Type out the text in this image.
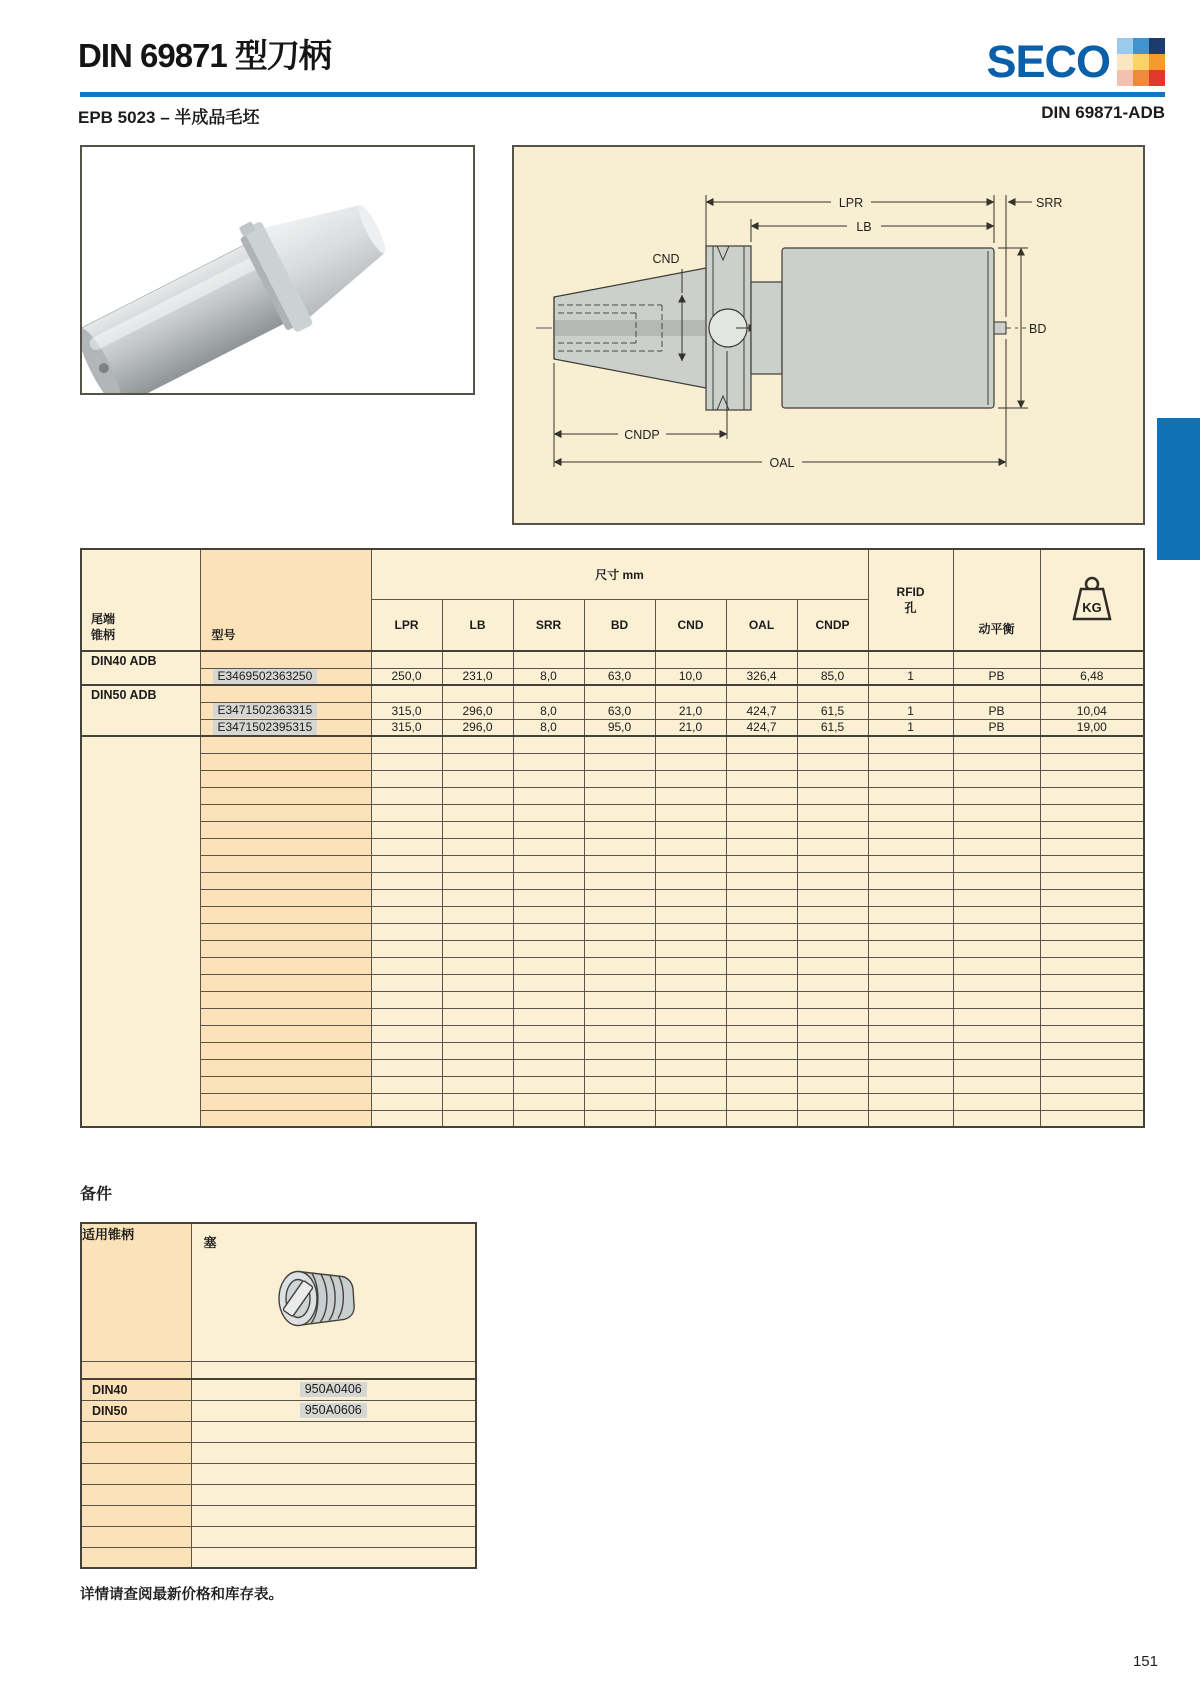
DIN 69871 型刀柄	SECO
EPB 5023 – 半成品毛坯	DIN 69871-ADB
LPR
LB
SRR
CND
BD
CNDP
OAL
尾端
锥柄	型号	尺寸 mm							RFID
孔	动平衡	KG

		LPR	LB	SRR	BD	CND	OAL	CNDP			
DIN40 ADB											
	E3469502363250	250,0	231,0	8,0	63,0	10,0	326,4	85,0	1	PB	6,48
DIN50 ADB											
	E3471502363315	315,0	296,0	8,0	63,0	21,0	424,7	61,5	1	PB	10,04
	E3471502395315	315,0	296,0	8,0	95,0	21,0	424,7	61,5	1	PB	19,00

备件
适用锥柄	塞

DIN40	950A0406
DIN50	950A0606

详情请查阅最新价格和库存表。
151
